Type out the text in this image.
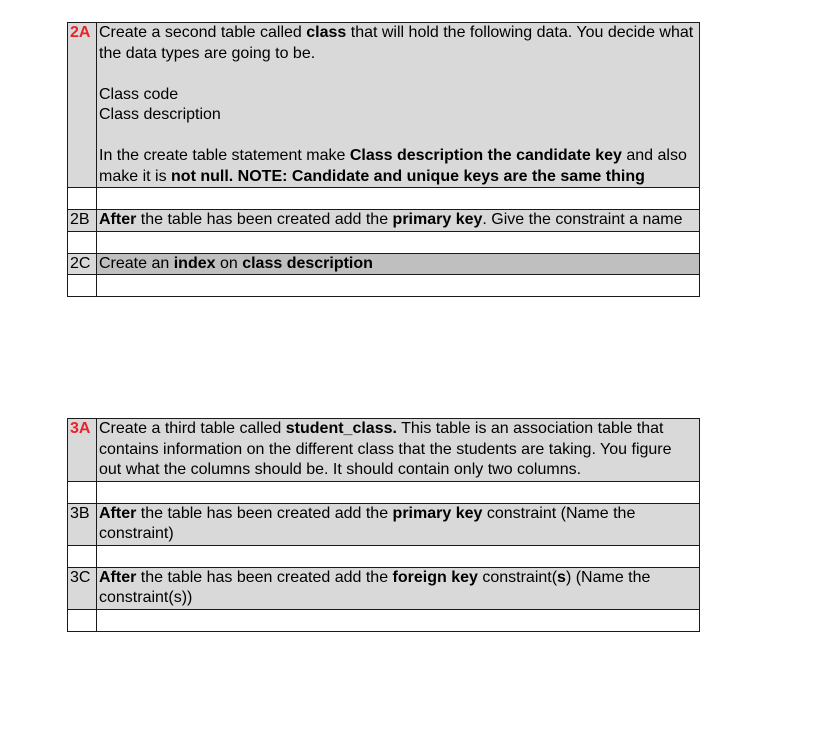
2A	Create a second table called class that will hold the following data. You decide what the data types are going to be.

Class code

Class description

In the create table statement make Class description the candidate key and also make it is not null. NOTE: Candidate and unique keys are the same thing

2B	After the table has been created add the primary key. Give the constraint a name

2C	Create an index on class description

3A	Create a third table called student_class. This table is an association table that contains information on the different class that the students are taking. You figure out what the columns should be. It should contain only two columns.

3B	After the table has been created add the primary key constraint (Name the constraint)

3C	After the table has been created add the foreign key constraint(s) (Name the constraint(s))
